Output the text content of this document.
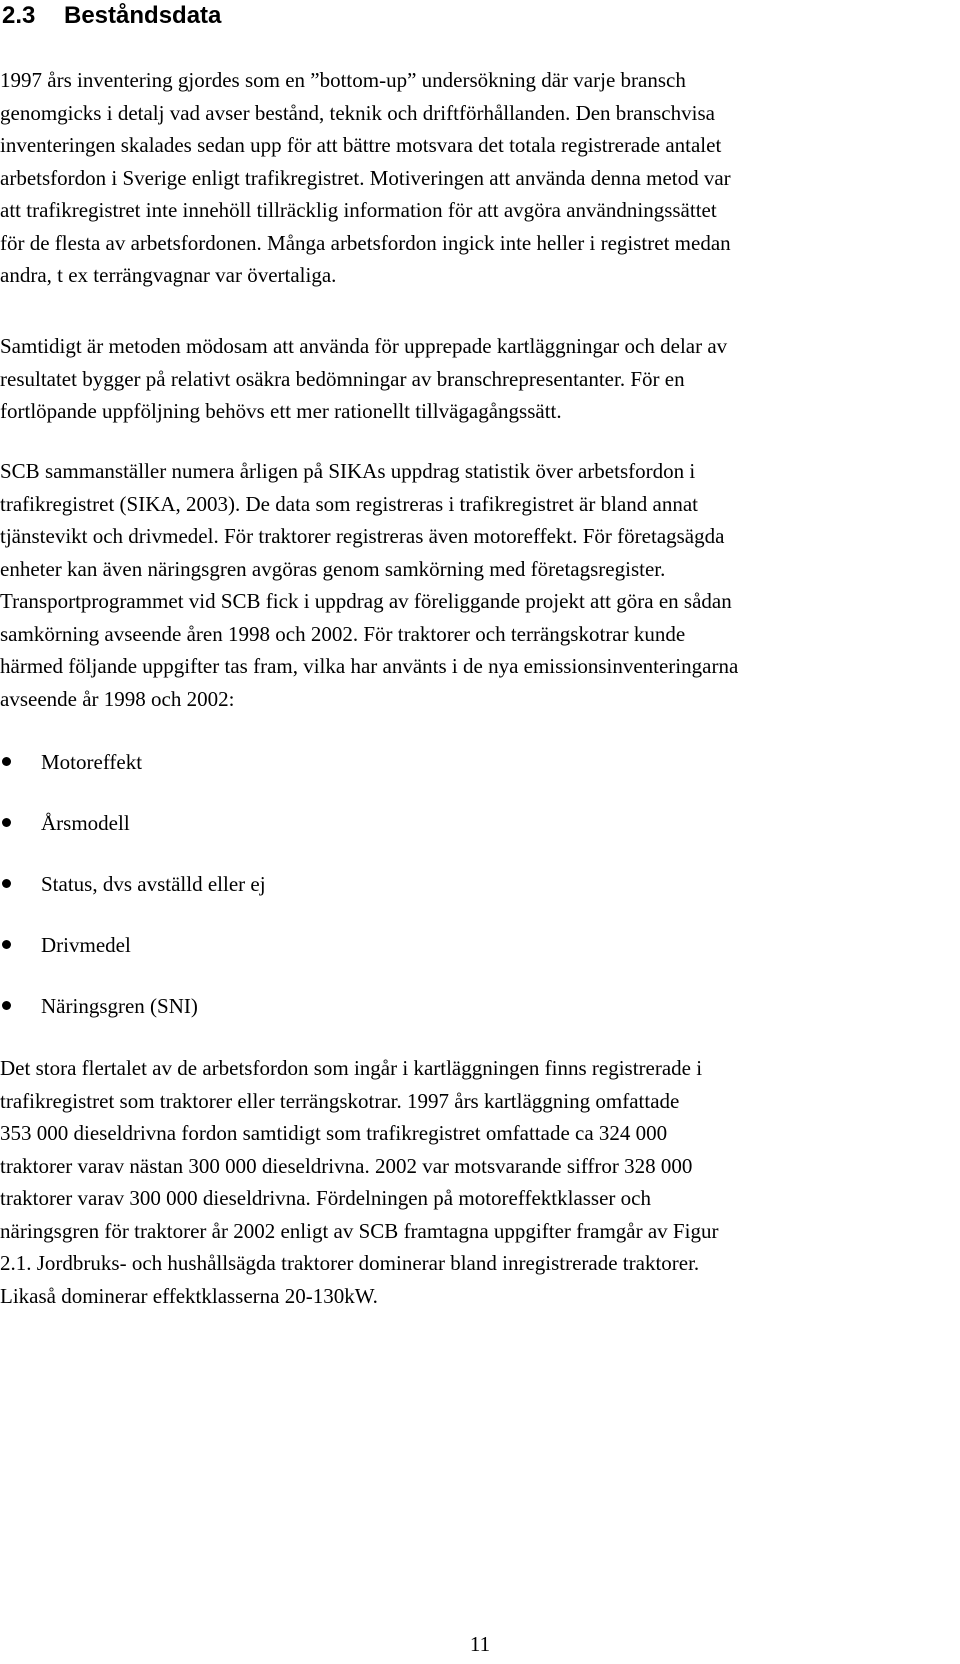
2.3 Beståndsdata

1997 års inventering gjordes som en ”bottom-up” undersökning där varje bransch
genomgicks i detalj vad avser bestånd, teknik och driftförhållanden. Den branschvisa
inventeringen skalades sedan upp för att bättre motsvara det totala registrerade antalet
arbetsfordon i Sverige enligt trafikregistret. Motiveringen att använda denna metod var
att trafikregistret inte innehöll tillräcklig information för att avgöra användningssättet
för de flesta av arbetsfordonen. Många arbetsfordon ingick inte heller i registret medan
andra, t ex terrängvagnar var övertaliga.

Samtidigt är metoden mödosam att använda för upprepade kartläggningar och delar av
resultatet bygger på relativt osäkra bedömningar av branschrepresentanter. För en
fortlöpande uppföljning behövs ett mer rationellt tillvägagångssätt.

SCB sammanställer numera årligen på SIKAs uppdrag statistik över arbetsfordon i
trafikregistret (SIKA, 2003). De data som registreras i trafikregistret är bland annat
tjänstevikt och drivmedel. För traktorer registreras även motoreffekt. För företagsägda
enheter kan även näringsgren avgöras genom samkörning med företagsregister.
Transportprogrammet vid SCB fick i uppdrag av föreliggande projekt att göra en sådan
samkörning avseende åren 1998 och 2002. För traktorer och terrängskotrar kunde
härmed följande uppgifter tas fram, vilka har använts i de nya emissionsinventeringarna
avseende år 1998 och 2002:

Motoreffekt
Årsmodell
Status, dvs avställd eller ej
Drivmedel
Näringsgren (SNI)

Det stora flertalet av de arbetsfordon som ingår i kartläggningen finns registrerade i
trafikregistret som traktorer eller terrängskotrar. 1997 års kartläggning omfattade
353 000 dieseldrivna fordon samtidigt som trafikregistret omfattade ca 324 000
traktorer varav nästan 300 000 dieseldrivna. 2002 var motsvarande siffror 328 000
traktorer varav 300 000 dieseldrivna. Fördelningen på motoreffektklasser och
näringsgren för traktorer år 2002 enligt av SCB framtagna uppgifter framgår av Figur
2.1. Jordbruks- och hushållsägda traktorer dominerar bland inregistrerade traktorer.
Likaså dominerar effektklasserna 20-130kW.

11
